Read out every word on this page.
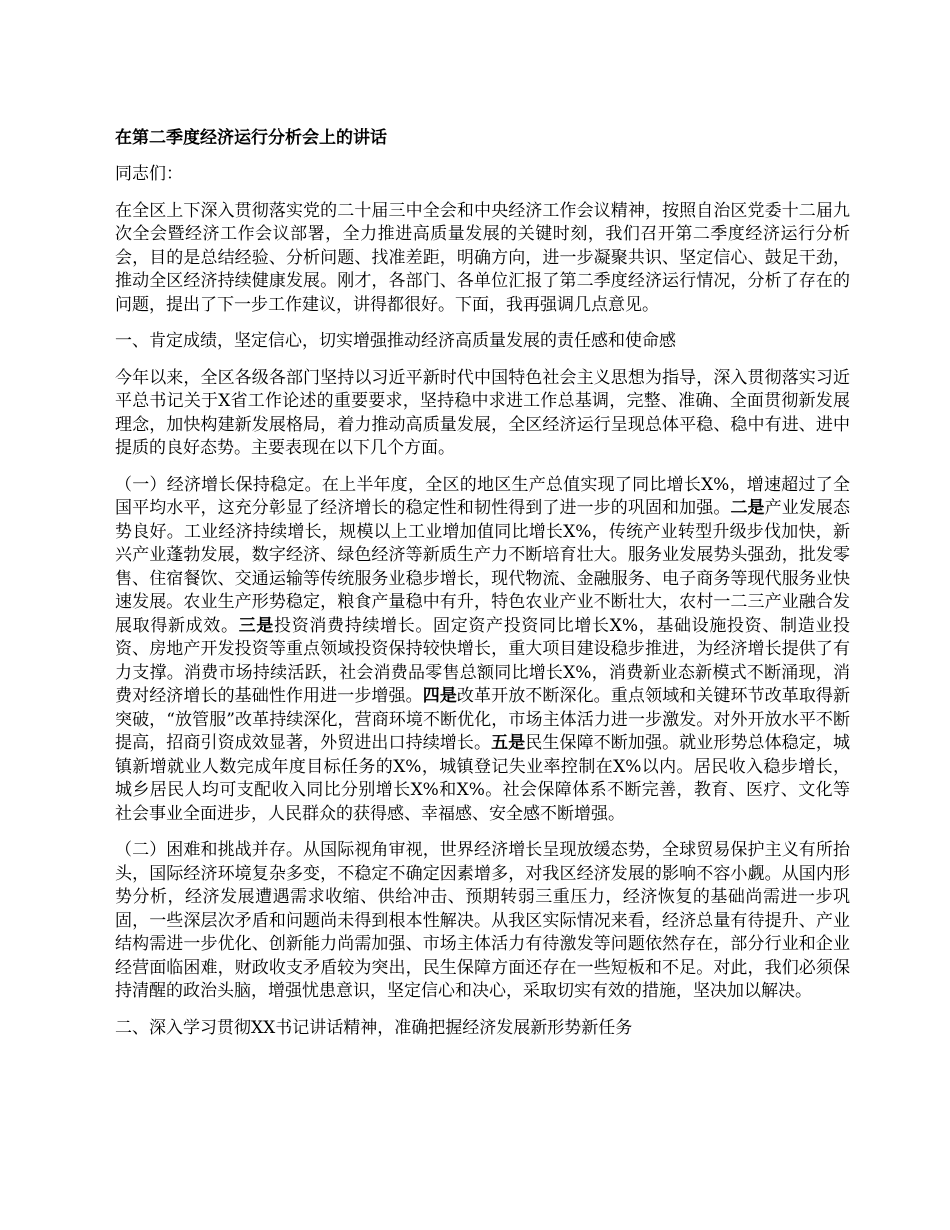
在第二季度经济运行分析会上的讲话

同志们：

在全区上下深入贯彻落实党的二十届三中全会和中央经济工作会议精神，按照自治区党委十二届九次全会暨经济工作会议部署，全力推进高质量发展的关键时刻，我们召开第二季度经济运行分析会，目的是总结经验、分析问题、找准差距，明确方向，进一步凝聚共识、坚定信心、鼓足干劲，推动全区经济持续健康发展。刚才，各部门、各单位汇报了第二季度经济运行情况，分析了存在的问题，提出了下一步工作建议，讲得都很好。下面，我再强调几点意见。

一、肯定成绩，坚定信心，切实增强推动经济高质量发展的责任感和使命感

今年以来，全区各级各部门坚持以习近平新时代中国特色社会主义思想为指导，深入贯彻落实习近平总书记关于X省工作论述的重要要求，坚持稳中求进工作总基调，完整、准确、全面贯彻新发展理念，加快构建新发展格局，着力推动高质量发展，全区经济运行呈现总体平稳、稳中有进、进中提质的良好态势。主要表现在以下几个方面。

（一）经济增长保持稳定。在上半年度，全区的地区生产总值实现了同比增长X%，增速超过了全国平均水平，这充分彰显了经济增长的稳定性和韧性得到了进一步的巩固和加强。二是产业发展态势良好。工业经济持续增长，规模以上工业增加值同比增长X%，传统产业转型升级步伐加快，新兴产业蓬勃发展，数字经济、绿色经济等新质生产力不断培育壮大。服务业发展势头强劲，批发零售、住宿餐饮、交通运输等传统服务业稳步增长，现代物流、金融服务、电子商务等现代服务业快速发展。农业生产形势稳定，粮食产量稳中有升，特色农业产业不断壮大，农村一二三产业融合发展取得新成效。三是投资消费持续增长。固定资产投资同比增长X%，基础设施投资、制造业投资、房地产开发投资等重点领域投资保持较快增长，重大项目建设稳步推进，为经济增长提供了有力支撑。消费市场持续活跃，社会消费品零售总额同比增长X%，消费新业态新模式不断涌现，消费对经济增长的基础性作用进一步增强。四是改革开放不断深化。重点领域和关键环节改革取得新突破，“放管服”改革持续深化，营商环境不断优化，市场主体活力进一步激发。对外开放水平不断提高，招商引资成效显著，外贸进出口持续增长。五是民生保障不断加强。就业形势总体稳定，城镇新增就业人数完成年度目标任务的X%，城镇登记失业率控制在X%以内。居民收入稳步增长，城乡居民人均可支配收入同比分别增长X%和X%。社会保障体系不断完善，教育、医疗、文化等社会事业全面进步，人民群众的获得感、幸福感、安全感不断增强。

（二）困难和挑战并存。从国际视角审视，世界经济增长呈现放缓态势，全球贸易保护主义有所抬头，国际经济环境复杂多变，不稳定不确定因素增多，对我区经济发展的影响不容小觑。从国内形势分析，经济发展遭遇需求收缩、供给冲击、预期转弱三重压力，经济恢复的基础尚需进一步巩固，一些深层次矛盾和问题尚未得到根本性解决。从我区实际情况来看，经济总量有待提升、产业结构需进一步优化、创新能力尚需加强、市场主体活力有待激发等问题依然存在，部分行业和企业经营面临困难，财政收支矛盾较为突出，民生保障方面还存在一些短板和不足。对此，我们必须保持清醒的政治头脑，增强忧患意识，坚定信心和决心，采取切实有效的措施，坚决加以解决。

二、深入学习贯彻XX书记讲话精神，准确把握经济发展新形势新任务
